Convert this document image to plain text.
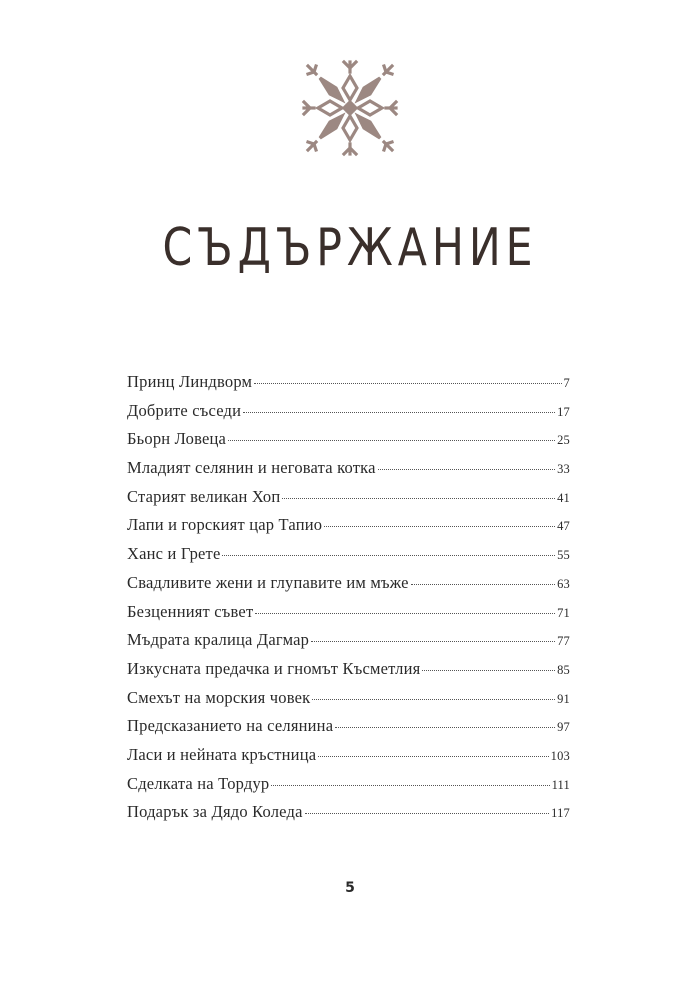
СЪДЪРЖАНИЕ
Принц Линдворм	7
Добрите съседи	17
Бьорн Ловеца	25
Младият селянин и неговата котка	33
Старият великан Хоп	41
Лапи и горският цар Тапио	47
Ханс и Грете	55
Свадливите жени и глупавите им мъже	63
Безценният съвет	71
Мъдрата кралица Дагмар	77
Изкусната предачка и гномът Късметлия	85
Смехът на морския човек	91
Предсказанието на селянина	97
Ласи и нейната кръстница	103
Сделката на Тордур	111
Подарък за Дядо Коледа	117
5
